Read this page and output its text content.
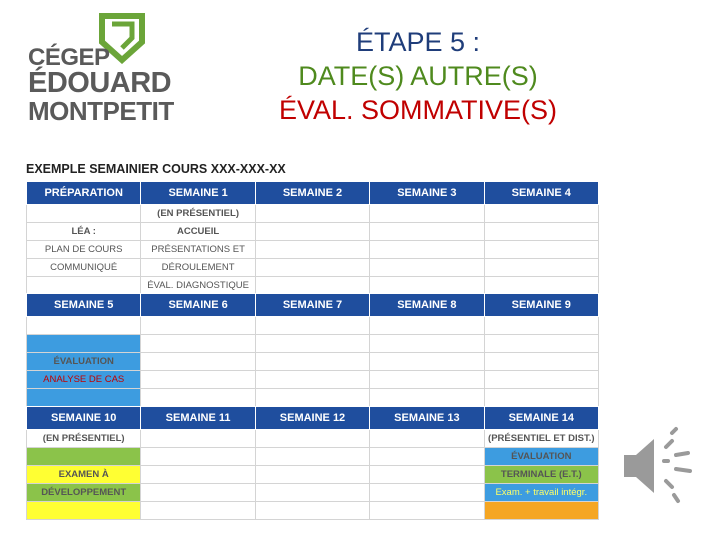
CÉGEP
ÉDOUARD
MONTPETIT
ÉTAPE 5 :
DATE(S) AUTRE(S)
ÉVAL. SOMMATIVE(S)
EXEMPLE SEMAINIER COURS XXX-XXX-XX
PRÉPARATION	SEMAINE 1	SEMAINE 2	SEMAINE 3	SEMAINE 4
	(EN PRÉSENTIEL)			
LÉA :	ACCUEIL			
PLAN DE COURS	PRÉSENTATIONS ET			
COMMUNIQUÉ	DÉROULEMENT			
	ÉVAL. DIAGNOSTIQUE			
SEMAINE 5	SEMAINE 6	SEMAINE 7	SEMAINE 8	SEMAINE 9

ÉVALUATION				
ANALYSE DE CAS				

SEMAINE 10	SEMAINE 11	SEMAINE 12	SEMAINE 13	SEMAINE 14
(EN PRÉSENTIEL)				(PRÉSENTIEL ET DIST.)
				ÉVALUATION
EXAMEN À				TERMINALE (E.T.)
DÉVELOPPEMENT				Exam. + travail intégr.
